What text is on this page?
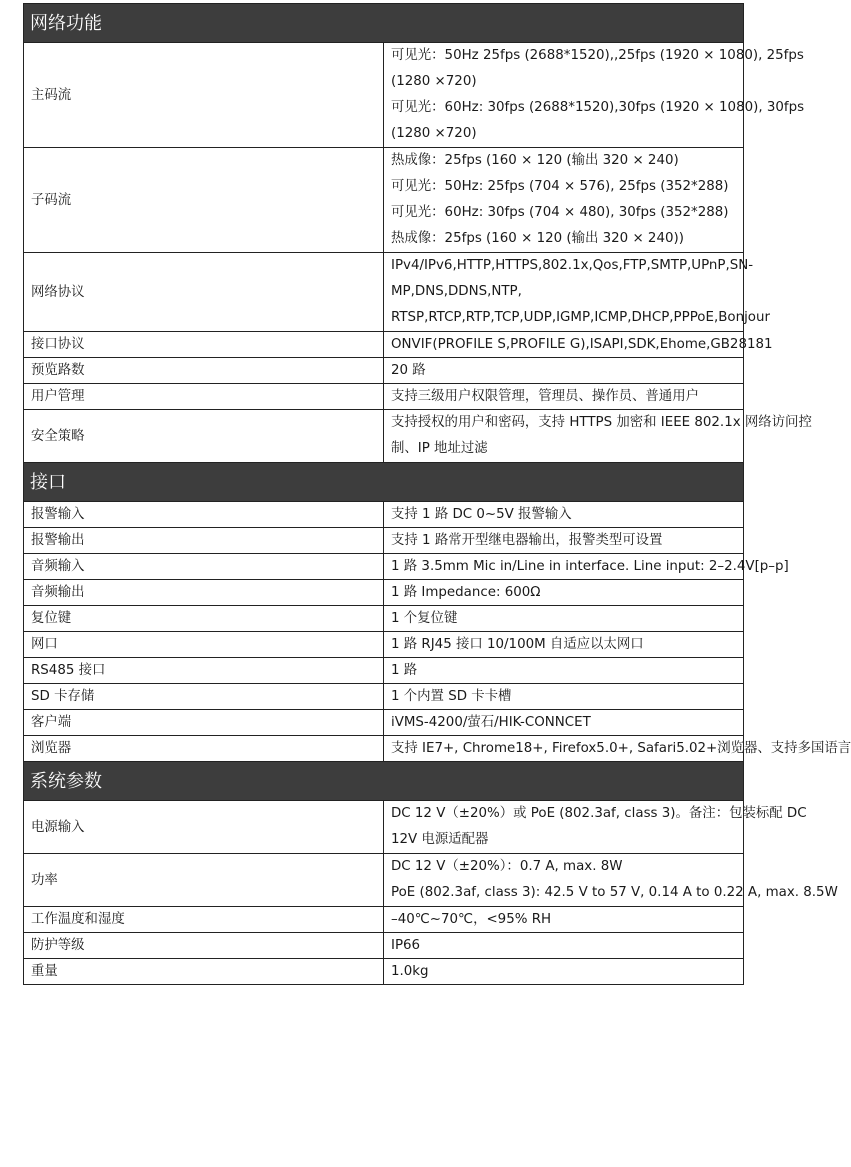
网络功能	
主码流	可见光：50Hz 25fps (2688*1520),,25fps (1920 × 1080), 25fps
(1280 ×720)
可见光：60Hz: 30fps (2688*1520),30fps (1920 × 1080), 30fps
(1280 ×720)

子码流	热成像：25fps (160 × 120 (输出 320 × 240)
可见光：50Hz: 25fps (704 × 576), 25fps (352*288)
可见光：60Hz: 30fps (704 × 480), 30fps (352*288)
热成像：25fps (160 × 120 (输出 320 × 240))

网络协议	IPv4/IPv6,HTTP,HTTPS,802.1x,Qos,FTP,SMTP,UPnP,SN-
MP,DNS,DDNS,NTP,
RTSP,RTCP,RTP,TCP,UDP,IGMP,ICMP,DHCP,PPPoE,Bonjour

接口协议	ONVIF(PROFILE S,PROFILE G),ISAPI,SDK,Ehome,GB28181

预览路数	20 路

用户管理	支持三级用户权限管理，管理员、操作员、普通用户

安全策略	支持授权的用户和密码，支持 HTTPS 加密和 IEEE 802.1x 网络访问控
制、IP 地址过滤

接口	
报警输入	支持 1 路 DC 0~5V 报警输入

报警输出	支持 1 路常开型继电器输出，报警类型可设置

音频输入	1 路 3.5mm Mic in/Line in interface. Line input: 2–2.4V[p–p]

音频输出	1 路 Impedance: 600Ω

复位键	1 个复位键

网口	1 路 RJ45 接口 10/100M 自适应以太网口

RS485 接口	1 路

SD 卡存储	1 个内置 SD 卡卡槽

客户端	iVMS-4200/萤石/HIK-CONNCET

浏览器	支持 IE7+, Chrome18+, Firefox5.0+, Safari5.02+浏览器、支持多国语言

系统参数	
电源输入	DC 12 V（±20%）或 PoE (802.3af, class 3)。备注：包装标配 DC
12V 电源适配器

功率	DC 12 V（±20%）：0.7 A, max. 8W
PoE (802.3af, class 3): 42.5 V to 57 V, 0.14 A to 0.22 A, max. 8.5W

工作温度和湿度	–40℃~70℃，<95% RH

防护等级	IP66

重量	1.0kg
